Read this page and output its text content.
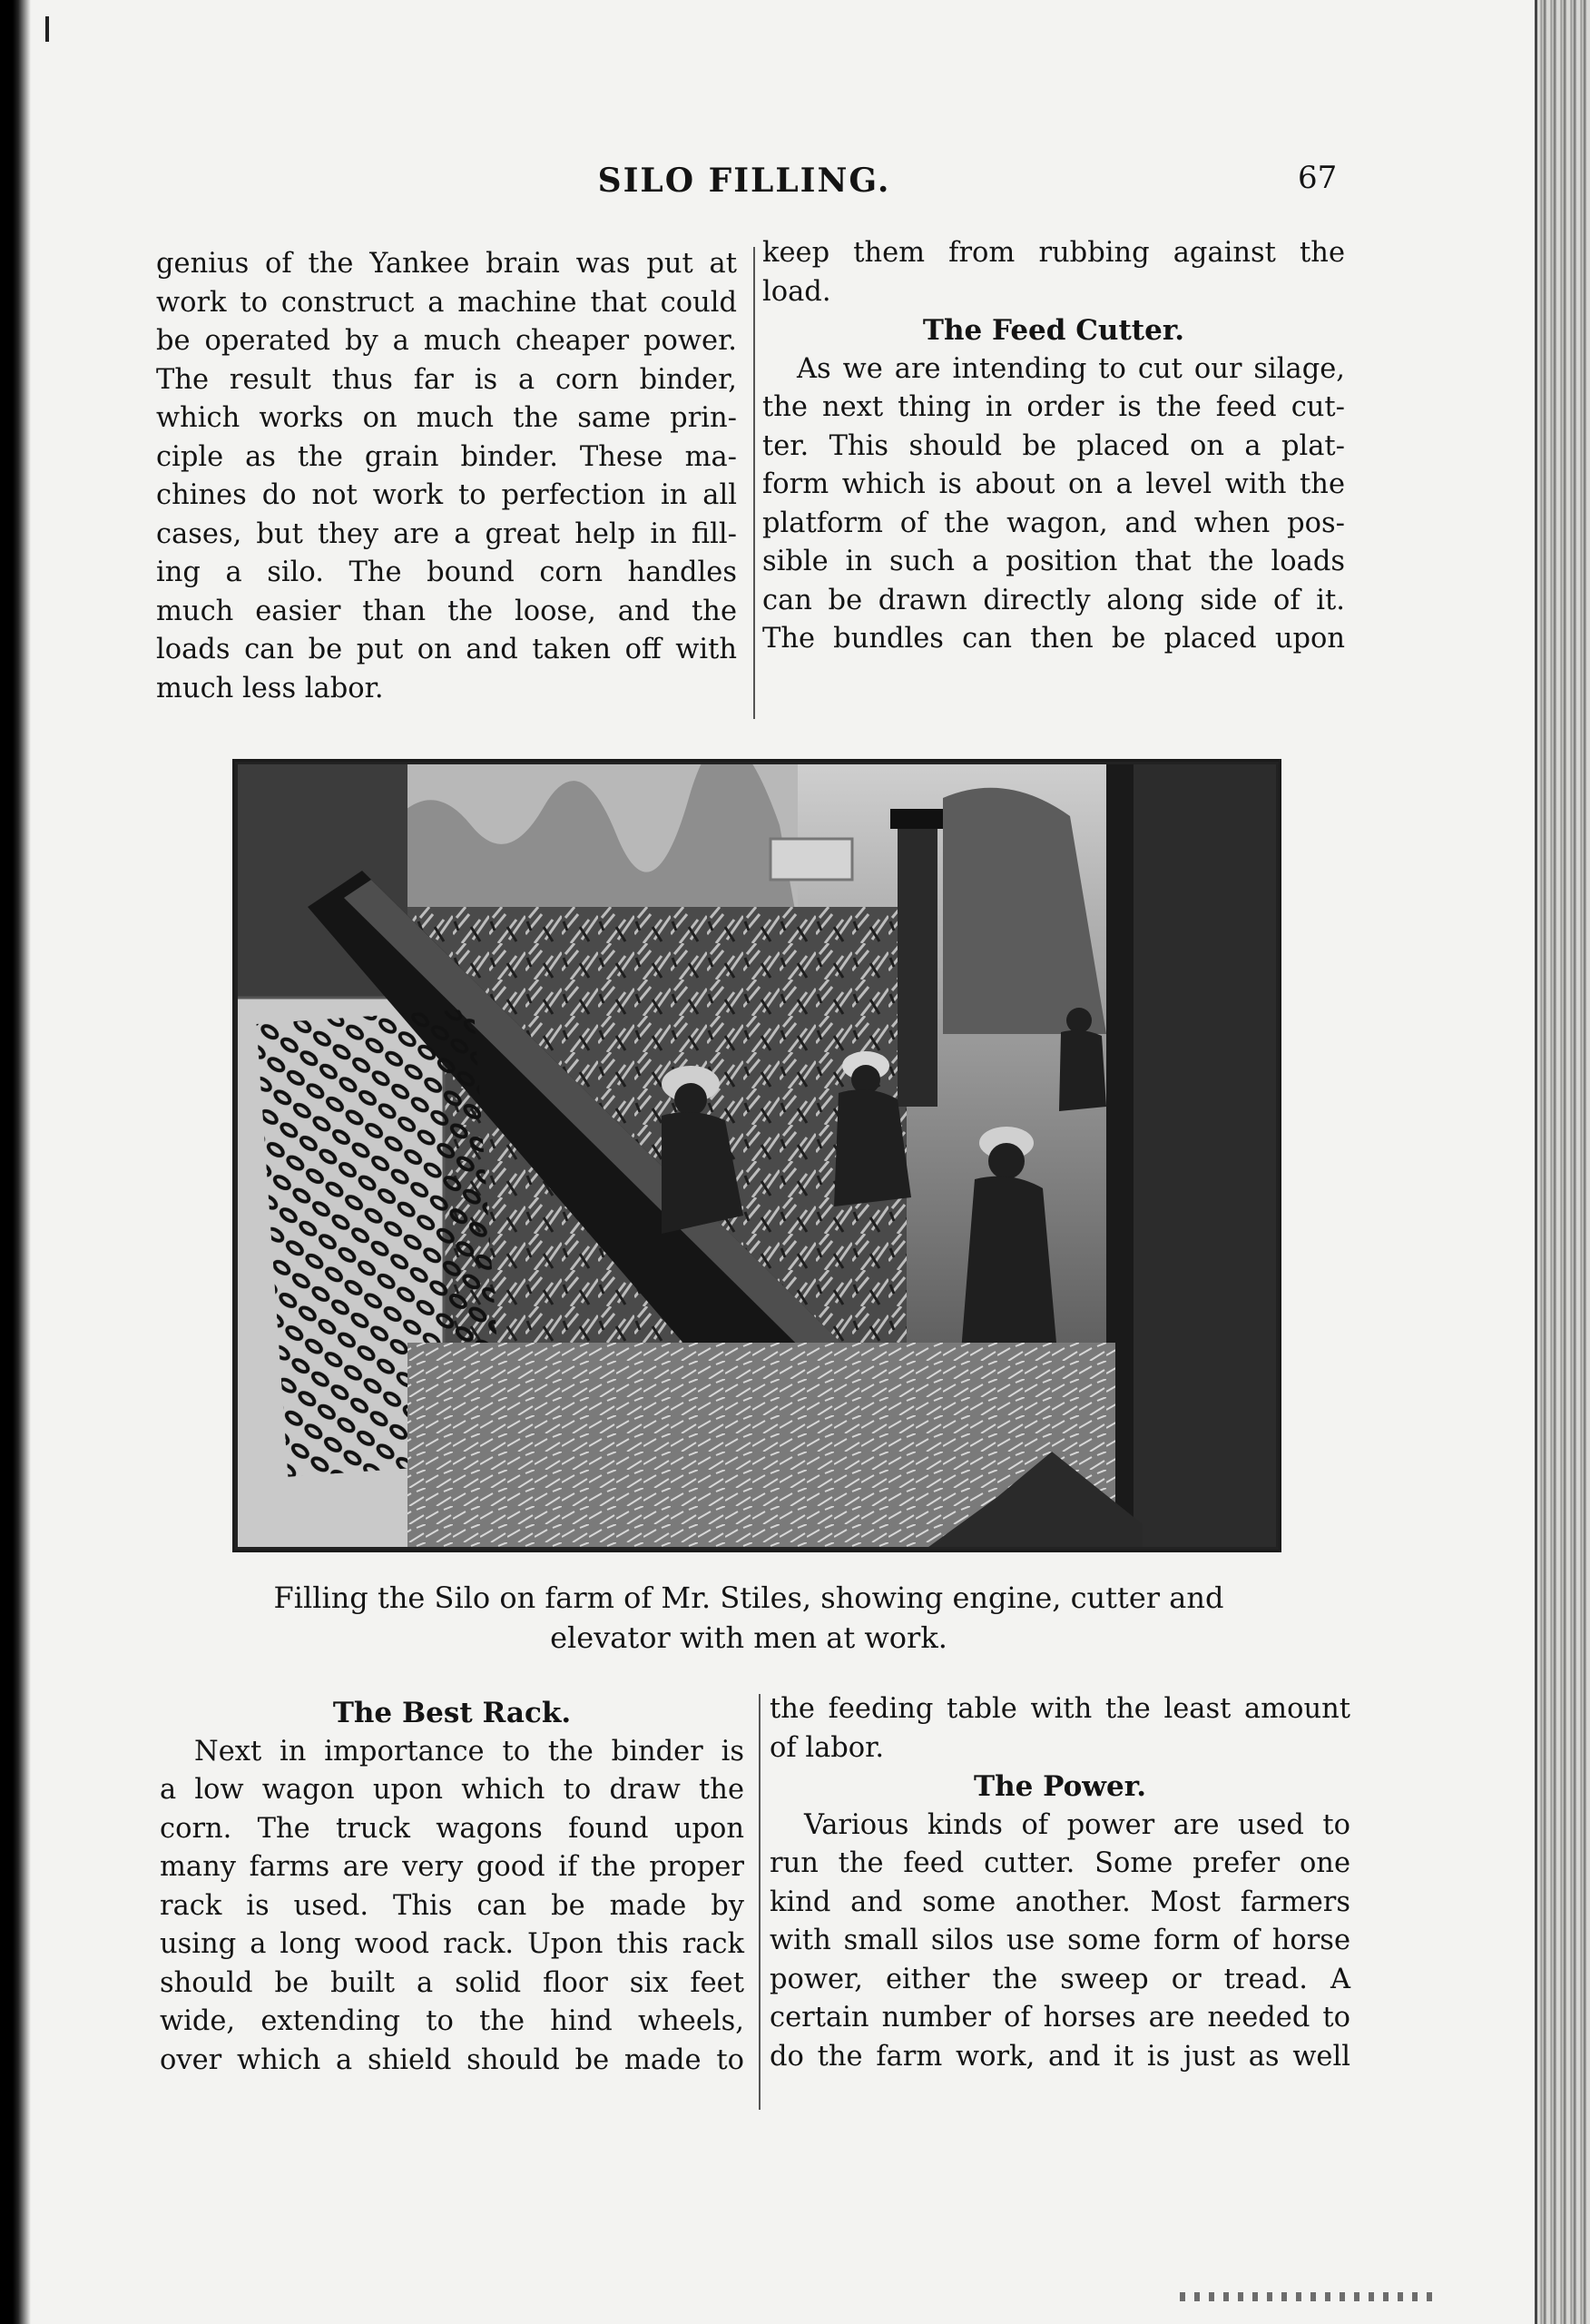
SILO FILLING.	67

genius of the Yankee brain was put at

work to construct a machine that could

be operated by a much cheaper power.

The result thus far is a corn binder,

which works on much the same prin-

ciple as the grain binder. These ma-

chines do not work to perfection in all

cases, but they are a great help in fill-

ing a silo. The bound corn handles

much easier than the loose, and the

loads can be put on and taken off with

much less labor.

keep them from rubbing against the

load.

The Feed Cutter.

As we are intending to cut our silage,

the next thing in order is the feed cut-

ter. This should be placed on a plat-

form which is about on a level with the

platform of the wagon, and when pos-

sible in such a position that the loads

can be drawn directly along side of it.

The bundles can then be placed upon

Filling the Silo on farm of Mr. Stiles, showing engine, cutter and
elevator with men at work.

The Best Rack.

Next in importance to the binder is

a low wagon upon which to draw the

corn. The truck wagons found upon

many farms are very good if the proper

rack is used. This can be made by

using a long wood rack. Upon this rack

should be built a solid floor six feet

wide, extending to the hind wheels,

over which a shield should be made to

the feeding table with the least amount

of labor.

The Power.

Various kinds of power are used to

run the feed cutter. Some prefer one

kind and some another. Most farmers

with small silos use some form of horse

power, either the sweep or tread. A

certain number of horses are needed to

do the farm work, and it is just as well
